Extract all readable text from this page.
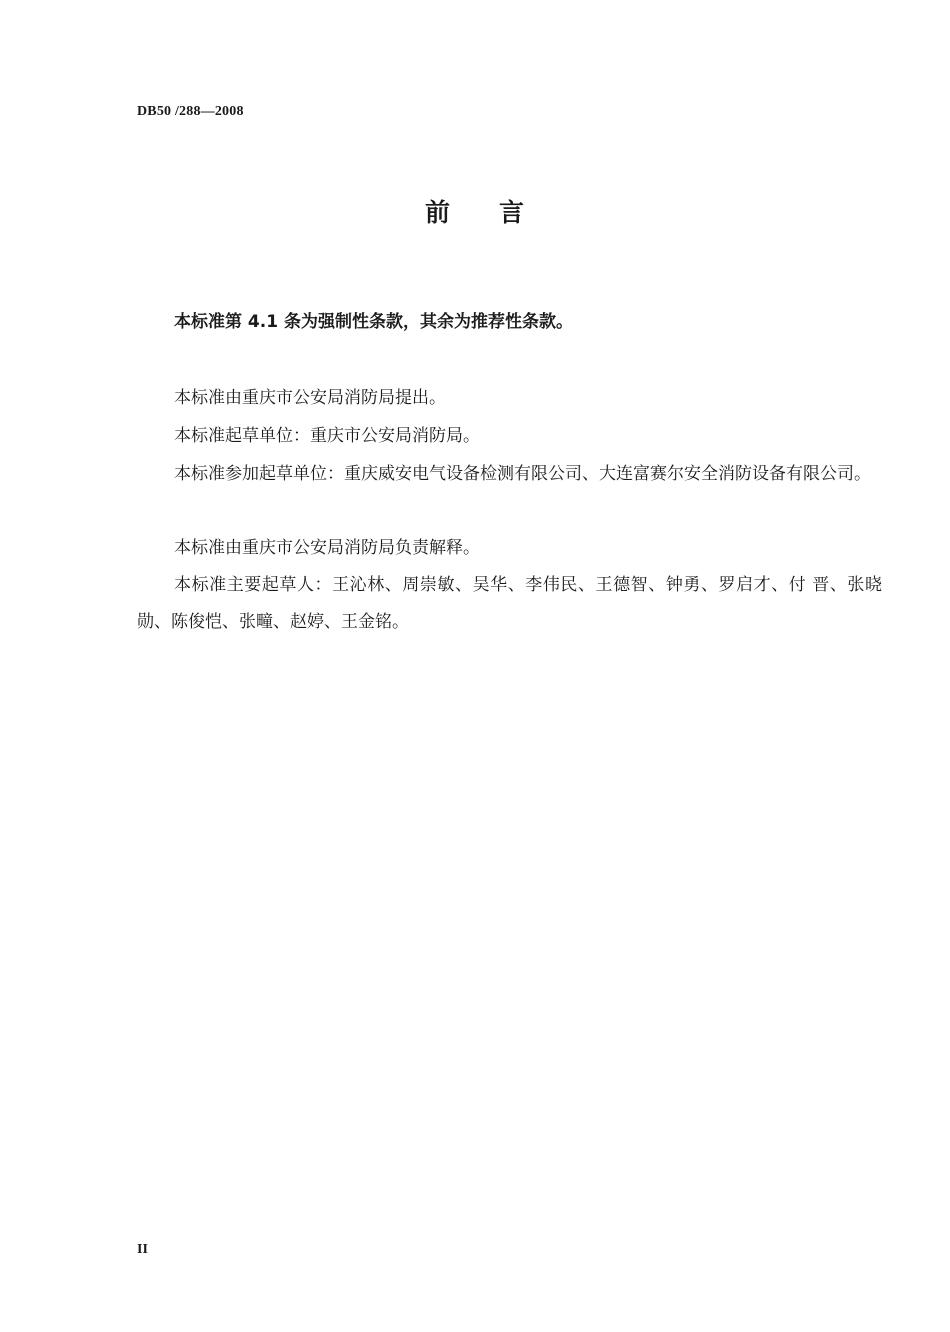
DB50 /288—2008
前 言
本标准第 4.1 条为强制性条款，其余为推荐性条款。
本标准由重庆市公安局消防局提出。
本标准起草单位：重庆市公安局消防局。
本标准参加起草单位：重庆威安电气设备检测有限公司、大连富赛尔安全消防设备有限公司。
本标准由重庆市公安局消防局负责解释。
本标准主要起草人：王沁林、周崇敏、吴华、李伟民、王德智、钟勇、罗启才、付 晋、张晓勋、陈俊恺、张疃、赵婷、王金铭。
II
